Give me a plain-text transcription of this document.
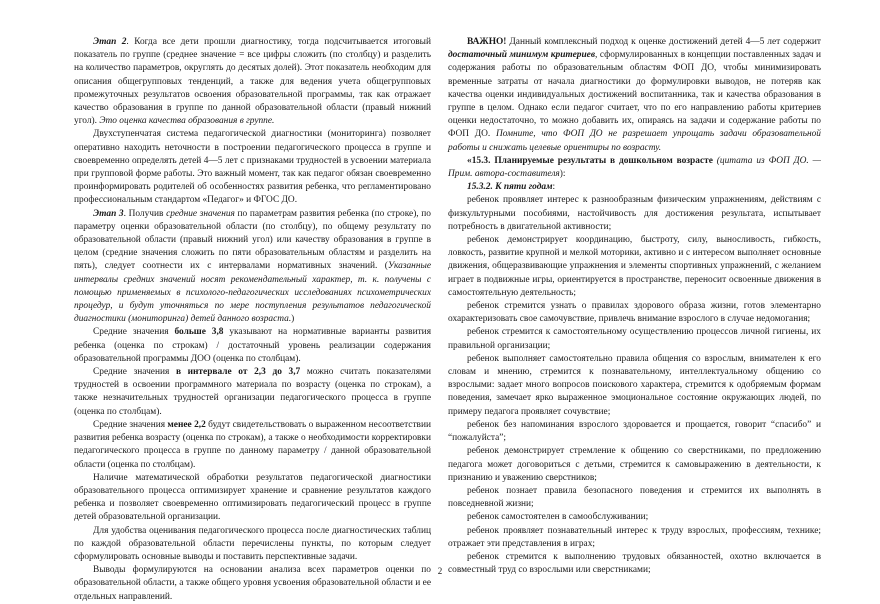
Этап 2. Когда все дети прошли диагностику, тогда подсчитывается итоговый показатель по группе (среднее значение = все цифры сложить (по столбцу) и разделить на количество параметров, округлять до десятых долей). Этот показатель необходим для описания общегрупповых тенденций, а также для ведения учета общегрупповых промежуточных результатов освоения образовательной программы, так как отражает качество образования в группе по данной образовательной области (правый нижний угол). Это оценка качества образования в группе.

Двухступенчатая система педагогической диагностики (мониторинга) позволяет оперативно находить неточности в построении педагогического процесса в группе и своевременно определять детей 4—5 лет с признаками трудностей в усвоении материала при групповой форме работы. Это важный момент, так как педагог обязан своевременно проинформировать родителей об особенностях развития ребенка, что регламентировано профессиональным стандартом «Педагог» и ФГОС ДО.

Этап 3. Получив средние значения по параметрам развития ребенка (по строке), по параметру оценки образовательной области (по столбцу), по общему результату по образовательной области (правый нижний угол) или качеству образования в группе в целом (средние значения сложить по пяти образовательным областям и разделить на пять), следует соотнести их с интервалами нормативных значений. (Указанные интервалы средних значений носят рекомендательный характер, т. к. получены с помощью применяемых в психолого-педагогических исследованиях психометрических процедур, и будут уточняться по мере поступления результатов педагогической диагностики (мониторинга) детей данного возраста.)

Средние значения больше 3,8 указывают на нормативные варианты развития ребенка (оценка по строкам) / достаточный уровень реализации содержания образовательной программы ДОО (оценка по столбцам).

Средние значения в интервале от 2,3 до 3,7 можно считать показателями трудностей в освоении программного материала по возрасту (оценка по строкам), а также незначительных трудностей организации педагогического процесса в группе (оценка по столбцам).

Средние значения менее 2,2 будут свидетельствовать о выраженном несоответствии развития ребенка возрасту (оценка по строкам), а также о необходимости корректировки педагогического процесса в группе по данному параметру / данной образовательной области (оценка по столбцам).

Наличие математической обработки результатов педагогической диагностики образовательного процесса оптимизирует хранение и сравнение результатов каждого ребенка и позволяет своевременно оптимизировать педагогический процесс в группе детей образовательной организации.

Для удобства оценивания педагогического процесса после диагностических таблиц по каждой образовательной области перечислены пункты, по которым следует сформулировать основные выводы и поставить перспективные задачи.

Выводы формулируются на основании анализа всех параметров оценки по образовательной области, а также общего уровня усвоения образовательной области и ее отдельных направлений.

ВАЖНО! Данный комплексный подход к оценке достижений детей 4—5 лет содержит достаточный минимум критериев, сформулированных в концепции поставленных задач и содержания работы по образовательным областям ФОП ДО, чтобы минимизировать временные затраты от начала диагностики до формулировки выводов, не потеряв как качества оценки индивидуальных достижений воспитанника, так и качества образования в группе в целом. Однако если педагог считает, что по его направлению работы критериев оценки недостаточно, то можно добавить их, опираясь на задачи и содержание работы по ФОП ДО. Помните, что ФОП ДО не разрешает упрощать задачи образовательной работы и снижать целевые ориентиры по возрасту.

«15.3. Планируемые результаты в дошкольном возрасте (цитата из ФОП ДО. — Прим. автора-составителя):

15.3.2. К пяти годам:

ребенок проявляет интерес к разнообразным физическим упражнениям, действиям с физкультурными пособиями, настойчивость для достижения результата, испытывает потребность в двигательной активности;

ребенок демонстрирует координацию, быстроту, силу, выносливость, гибкость, ловкость, развитие крупной и мелкой моторики, активно и с интересом выполняет основные движения, общеразвивающие упражнения и элементы спортивных упражнений, с желанием играет в подвижные игры, ориентируется в пространстве, переносит освоенные движения в самостоятельную деятельность;

ребенок стремится узнать о правилах здорового образа жизни, готов элементарно охарактеризовать свое самочувствие, привлечь внимание взрослого в случае недомогания;

ребенок стремится к самостоятельному осуществлению процессов личной гигиены, их правильной организации;

ребенок выполняет самостоятельно правила общения со взрослым, внимателен к его словам и мнению, стремится к познавательному, интеллектуальному общению со взрослыми: задает много вопросов поискового характера, стремится к одобряемым формам поведения, замечает ярко выраженное эмоциональное состояние окружающих людей, по примеру педагога проявляет сочувствие;

ребенок без напоминания взрослого здоровается и прощается, говорит “спасибо” и “пожалуйста”;

ребенок демонстрирует стремление к общению со сверстниками, по предложению педагога может договориться с детьми, стремится к самовыражению в деятельности, к признанию и уважению сверстников;

ребенок познает правила безопасного поведения и стремится их выполнять в повседневной жизни;

ребенок самостоятелен в самообслуживании;

ребенок проявляет познавательный интерес к труду взрослых, профессиям, технике; отражает эти представления в играх;

ребенок стремится к выполнению трудовых обязанностей, охотно включается в совместный труд со взрослыми или сверстниками;

2
